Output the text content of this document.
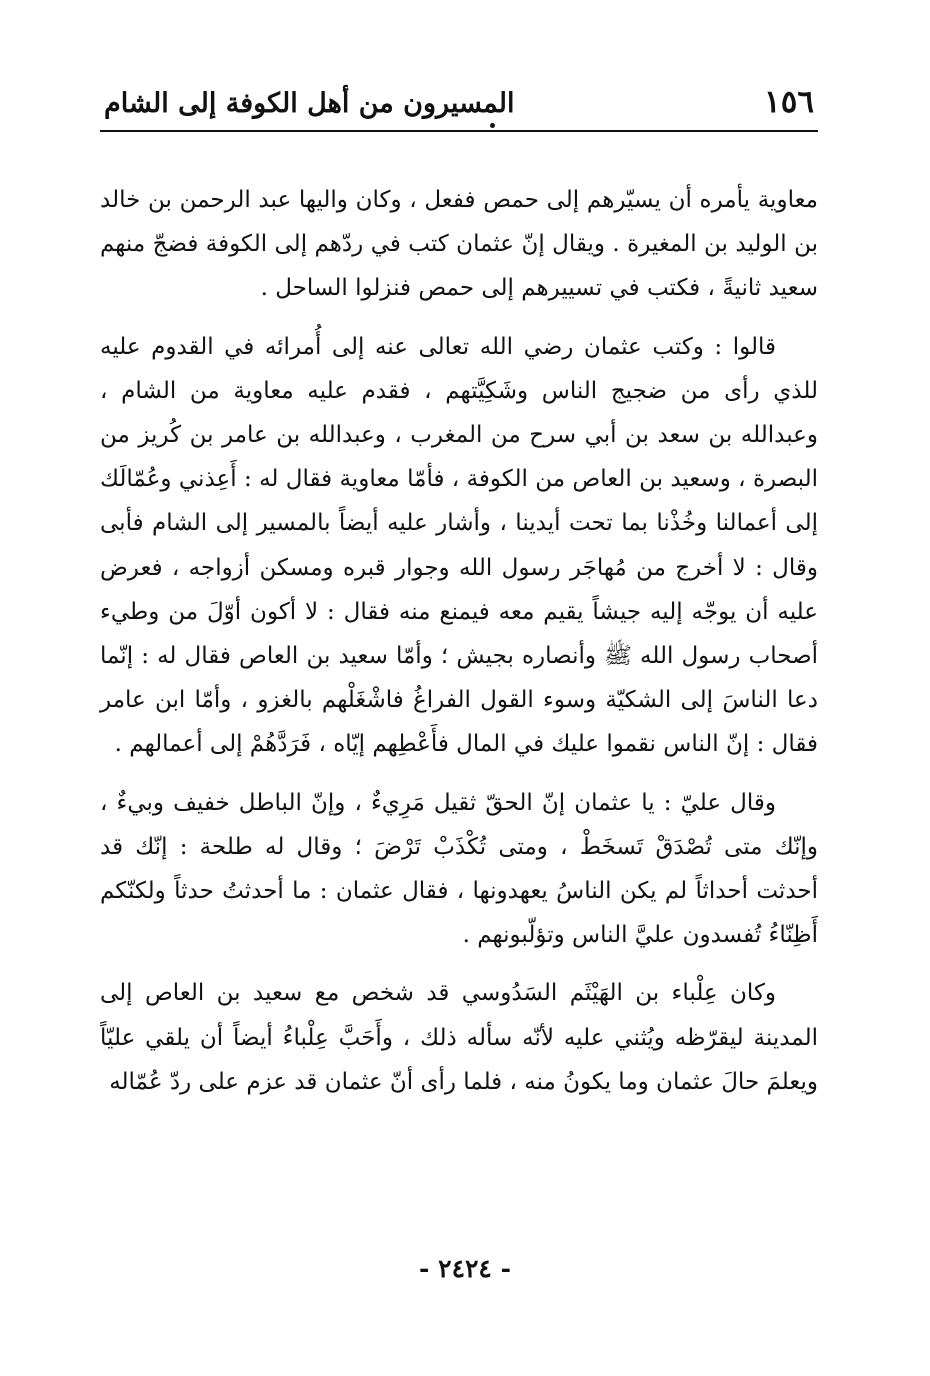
١٥٦
المسيرون من أهل الكوفة إلى الشام

معاوية يأمره أن يسيّرهم إلى حمص ففعل ، وكان واليها عبد الرحمن بن خالد بن الوليد بن المغيرة . ويقال إنّ عثمان كتب في ردّهم إلى الكوفة فضجّ منهم سعيد ثانيةً ، فكتب في تسييرهم إلى حمص فنزلوا الساحل .

قالوا : وكتب عثمان رضي الله تعالى عنه إلى أُمرائه في القدوم عليه للذي رأى من ضجيج الناس وشَكِيَّتهم ، فقدم عليه معاوية من الشام ، وعبدالله بن سعد بن أبي سرح من المغرب ، وعبدالله بن عامر بن كُريز من البصرة ، وسعيد بن العاص من الكوفة ، فأمّا معاوية فقال له : أَعِذني وعُمّالَك إلى أعمالنا وخُذْنا بما تحت أيدينا ، وأشار عليه أيضاً بالمسير إلى الشام فأبى وقال : لا أخرج من مُهاجَر رسول الله وجوار قبره ومسكن أزواجه ، فعرض عليه أن يوجّه إليه جيشاً يقيم معه فيمنع منه فقال : لا أكون أوّلَ من وطيء أصحاب رسول الله ﷺ وأنصاره بجيش ؛ وأمّا سعيد بن العاص فقال له : إنّما دعا الناسَ إلى الشكيّة وسوء القول الفراغُ فاشْغَلْهم بالغزو ، وأمّا ابن عامر فقال : إنّ الناس نقموا عليك في المال فأَعْطِهم إيّاه ، فَرَدَّهُمْ إلى أعمالهم .

وقال عليّ : يا عثمان إنّ الحقّ ثقيل مَرِيءٌ ، وإنّ الباطل خفيف وبيءٌ ، وإنّك متى تُصْدَقْ تَسخَطْ ، ومتى تُكْذَبْ تَرْضَ ؛ وقال له طلحة : إنّك قد أحدثت أحداثاً لم يكن الناسُ يعهدونها ، فقال عثمان : ما أحدثتُ حدثاً ولكنّكم أَظِنّاءُ تُفسدون عليَّ الناس وتؤلّبونهم .

وكان عِلْباء بن الهَيْثَم السَدُوسي قد شخص مع سعيد بن العاص إلى المدينة ليقرّظه ويُثني عليه لأنّه سأله ذلك ، وأَحَبَّ عِلْباءُ أيضاً أن يلقي عليّاً ويعلمَ حالَ عثمان وما يكونُ منه ، فلما رأى أنّ عثمان قد عزم على ردّ عُمّاله

- ٢٤٢٤ -
